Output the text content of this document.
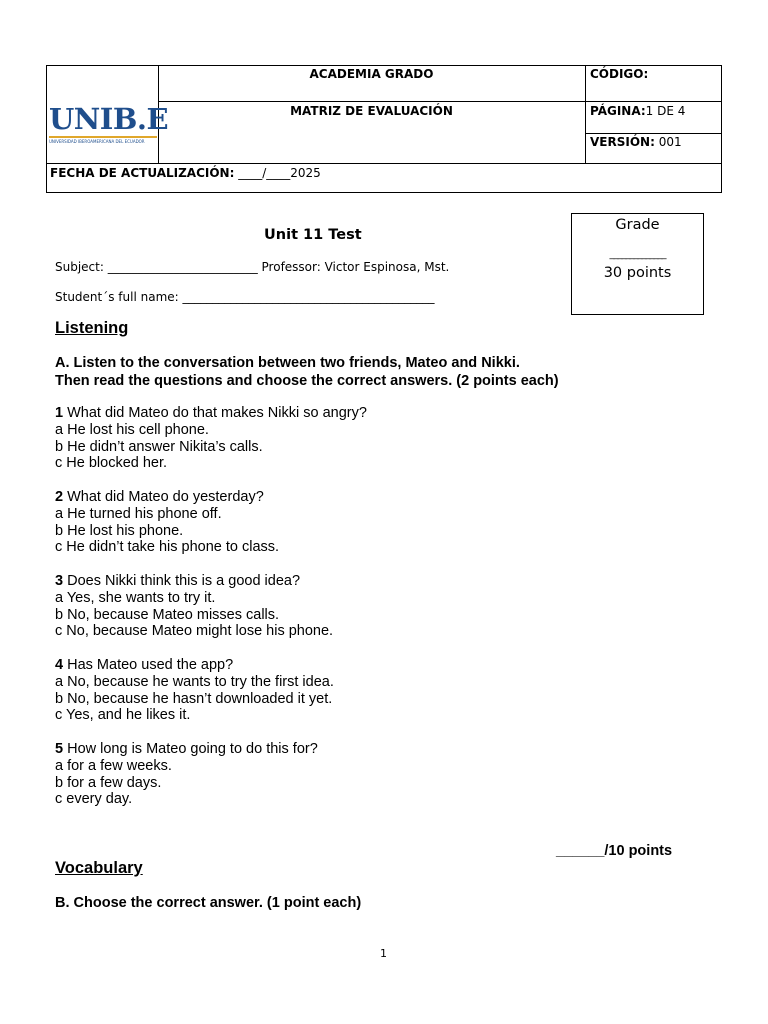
UNIB.E
UNIVERSIDAD IBEROAMERICANA DEL ECUADOR
ACADEMIA GRADO	CÓDIGO:
MATRIZ DE EVALUACIÓN	PÁGINA:1 DE 4
VERSIÓN: 001
FECHA DE ACTUALIZACIÓN: ____/____2025
Unit 11 Test
Subject: _________________________ Professor: Victor Espinosa, Mst.
Student´s full name: __________________________________________
Grade
______________
30 points
Listening
A. Listen to the conversation between two friends, Mateo and Nikki.
Then read the questions and choose the correct answers. (2 points each)
1 What did Mateo do that makes Nikki so angry?
a He lost his cell phone.
b He didn’t answer Nikita’s calls.
c He blocked her.
2 What did Mateo do yesterday?
a He turned his phone off.
b He lost his phone.
c He didn’t take his phone to class.
3 Does Nikki think this is a good idea?
a Yes, she wants to try it.
b No, because Mateo misses calls.
c No, because Mateo might lose his phone.
4 Has Mateo used the app?
a No, because he wants to try the first idea.
b No, because he hasn’t downloaded it yet.
c Yes, and he likes it.
5 How long is Mateo going to do this for?
a for a few weeks.
b for a few days.
c every day.
______/10 points
Vocabulary
B. Choose the correct answer. (1 point each)
1
